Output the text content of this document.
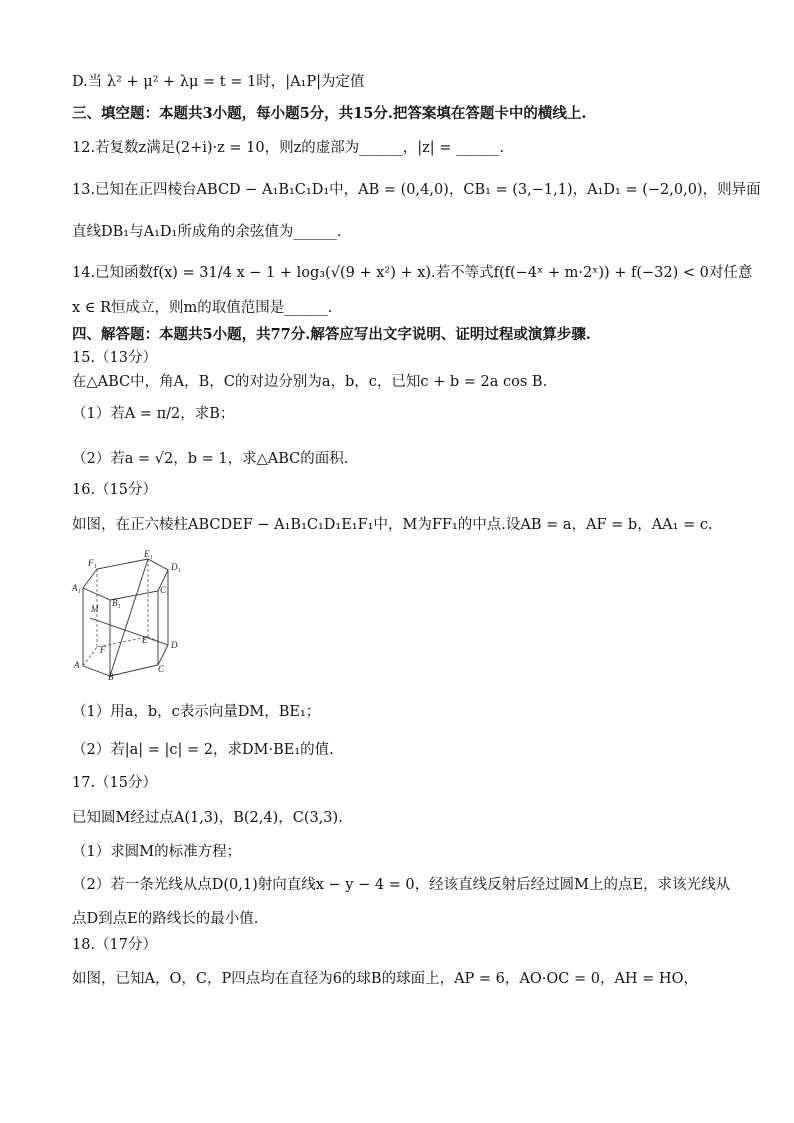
D.当 λ² + μ² + λμ = t = 1时，|A₁P|为定值
三、填空题：本题共3小题，每小题5分，共15分.把答案填在答题卡中的横线上.
12.若复数z满足(2+i)·z = 10，则z的虚部为______，|z| = ______.
13.已知在正四棱台ABCD − A₁B₁C₁D₁中，AB = (0,4,0)，CB₁ = (3,−1,1)，A₁D₁ = (−2,0,0)，则异面
直线DB₁与A₁D₁所成角的余弦值为______.
14.已知函数f(x) = 31/4 x − 1 + log₃(√(9 + x²) + x).若不等式f(f(−4ˣ + m·2ˣ)) + f(−32) < 0对任意
x ∈ R恒成立，则m的取值范围是______.
四、解答题：本题共5小题，共77分.解答应写出文字说明、证明过程或演算步骤.
15.（13分）
在△ABC中，角A，B，C的对边分别为a，b，c，已知c + b = 2a cos B.
（1）若A = π/2，求B；
（2）若a = √2，b = 1，求△ABC的面积.
16.（15分）
如图，在正六棱柱ABCDEF − A₁B₁C₁D₁E₁F₁中，M为FF₁的中点.设AB = a，AF = b，AA₁ = c.
F₁
E₁
D₁
A₁
B₁
C₁
M
F
E	D
A
B
C
（1）用a，b，c表示向量DM，BE₁；
（2）若|a| = |c| = 2，求DM·BE₁的值.
17.（15分）
已知圆M经过点A(1,3)，B(2,4)，C(3,3).
（1）求圆M的标准方程；
（2）若一条光线从点D(0,1)射向直线x − y − 4 = 0，经该直线反射后经过圆M上的点E，求该光线从
点D到点E的路线长的最小值.
18.（17分）
如图，已知A，O，C，P四点均在直径为6的球B的球面上，AP = 6，AO·OC = 0，AH = HO，
